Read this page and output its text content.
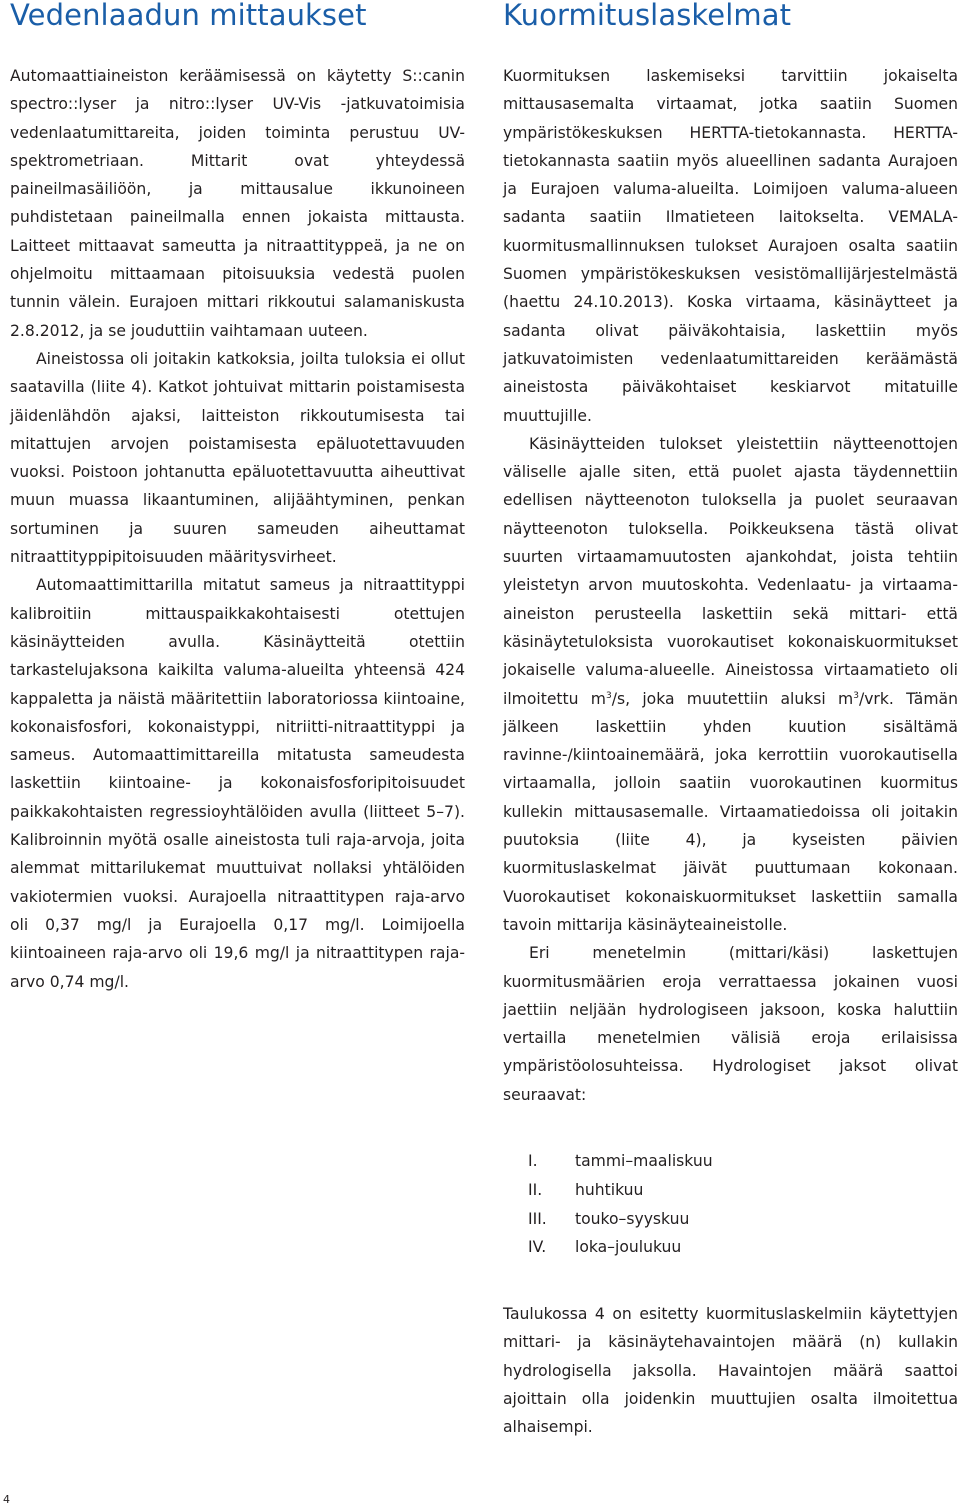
Vedenlaadun mittaukset

Automaattiaineiston keräämisessä on käytetty S::canin spectro::lyser ja nitro::lyser UV-Vis -jatkuvatoimisia vedenlaatumittareita, joiden toiminta perustuu UV-spektrometriaan. Mittarit ovat yhteydessä paineilmasäiliöön, ja mittausalue ikkunoineen puhdistetaan paineilmalla ennen jokaista mittausta. Laitteet mittaavat sameutta ja nitraattityppeä, ja ne on ohjelmoitu mittaamaan pitoisuuksia vedestä puolen tunnin välein. Eurajoen mittari rikkoutui salamaniskusta 2.8.2012, ja se jouduttiin vaihtamaan uuteen.

Aineistossa oli joitakin katkoksia, joilta tuloksia ei ollut saatavilla (liite 4). Katkot johtuivat mittarin poistamisesta jäidenlähdön ajaksi, laitteiston rikkoutumisesta tai mitattujen arvojen poistamisesta epäluotettavuuden vuoksi. Poistoon johtanutta epäluotettavuutta aiheuttivat muun muassa likaantuminen, alijäähtyminen, penkan sortuminen ja suuren sameuden aiheuttamat nitraattityppipitoisuuden määritysvirheet.

Automaattimittarilla mitatut sameus ja nitraattityppi kalibroitiin mittauspaikkakohtaisesti otettujen käsinäytteiden avulla. Käsinäytteitä otettiin tarkastelujaksona kaikilta valuma-alueilta yhteensä 424 kappaletta ja näistä määritettiin laboratoriossa kiintoaine, kokonaisfosfori, kokonaistyppi, nitriitti-nitraattityppi ja sameus. Automaattimittareilla mitatusta sameudesta laskettiin kiintoaine- ja kokonaisfosforipitoisuudet paikkakohtaisten regressioyhtälöiden avulla (liitteet 5–7). Kalibroinnin myötä osalle aineistosta tuli raja-arvoja, joita alemmat mittarilukemat muuttuivat nollaksi yhtälöiden vakiotermien vuoksi. Aurajoella nitraattitypen raja-arvo oli 0,37 mg/l ja Eurajoella 0,17 mg/l. Loimijoella kiintoaineen raja-arvo oli 19,6 mg/l ja nitraattitypen raja-arvo 0,74 mg/l.

Kuormituslaskelmat

Kuormituksen laskemiseksi tarvittiin jokaiselta mittausasemalta virtaamat, jotka saatiin Suomen ympäristökeskuksen HERTTA-tietokannasta. HERTTA-tietokannasta saatiin myös alueellinen sadanta Aurajoen ja Eurajoen valuma-alueilta. Loimijoen valuma-alueen sadanta saatiin Ilmatieteen laitokselta. VEMALA-kuormitusmallinnuksen tulokset Aurajoen osalta saatiin Suomen ympäristökeskuksen vesistömallijärjestelmästä (haettu 24.10.2013). Koska virtaama, käsinäytteet ja sadanta olivat päiväkohtaisia, laskettiin myös jatkuvatoimisten vedenlaatumittareiden keräämästä aineistosta päiväkohtaiset keskiarvot mitatuille muuttujille.

Käsinäytteiden tulokset yleistettiin näytteenottojen väliselle ajalle siten, että puolet ajasta täydennettiin edellisen näytteenoton tuloksella ja puolet seuraavan näytteenoton tuloksella. Poikkeuksena tästä olivat suurten virtaamamuutosten ajankohdat, joista tehtiin yleistetyn arvon muutoskohta. Vedenlaatu- ja virtaama-aineiston perusteella laskettiin sekä mittari- että käsinäytetuloksista vuorokautiset kokonaiskuormitukset jokaiselle valuma-alueelle. Aineistossa virtaamatieto oli ilmoitettu $m^3/s$, joka muutettiin aluksi $m^3$/vrk. Tämän jälkeen laskettiin yhden kuution sisältämä ravinne-/kiintoainemäärä, joka kerrottiin vuorokautisella virtaamalla, jolloin saatiin vuorokautinen kuormitus kullekin mittausasemalle. Virtaamatiedoissa oli joitakin puutoksia (liite 4), ja kyseisten päivien kuormituslaskelmat jäivät puuttumaan kokonaan. Vuorokautiset kokonaiskuormitukset laskettiin samalla tavoin mittarija käsinäyteaineistolle.

Eri menetelmin (mittari/käsi) laskettujen kuormitusmäärien eroja verrattaessa jokainen vuosi jaettiin neljään hydrologiseen jaksoon, koska haluttiin vertailla menetelmien välisiä eroja erilaisissa ympäristöolosuhteissa. Hydrologiset jaksot olivat seuraavat:

I.	tammi–maaliskuu
II.	huhtikuu
III.	touko–syyskuu
IV.	loka–joulukuu

Taulukossa 4 on esitetty kuormituslaskelmiin käytettyjen mittari- ja käsinäytehavaintojen määrä (n) kullakin hydrologisella jaksolla. Havaintojen määrä saattoi ajoittain olla joidenkin muuttujien osalta ilmoitettua alhaisempi.

4
